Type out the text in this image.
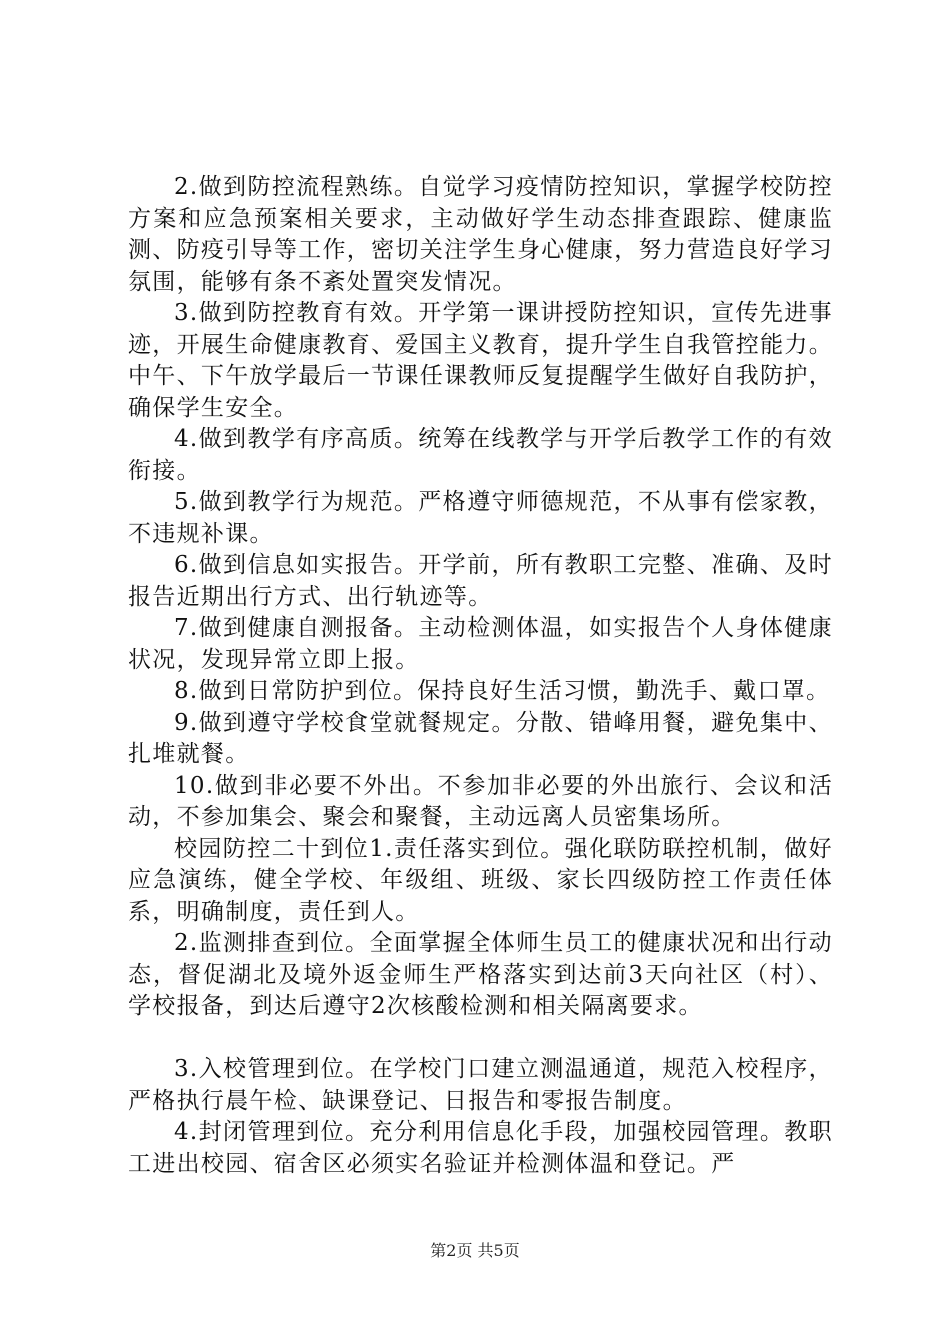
2.做到防控流程熟练。自觉学习疫情防控知识，掌握学校防控方案和应急预案相关要求，主动做好学生动态排查跟踪、健康监测、防疫引导等工作，密切关注学生身心健康，努力营造良好学习氛围，能够有条不紊处置突发情况。

3.做到防控教育有效。开学第一课讲授防控知识，宣传先进事迹，开展生命健康教育、爱国主义教育，提升学生自我管控能力。中午、下午放学最后一节课任课教师反复提醒学生做好自我防护，确保学生安全。

4.做到教学有序高质。统筹在线教学与开学后教学工作的有效衔接。

5.做到教学行为规范。严格遵守师德规范，不从事有偿家教，不违规补课。

6.做到信息如实报告。开学前，所有教职工完整、准确、及时报告近期出行方式、出行轨迹等。

7.做到健康自测报备。主动检测体温，如实报告个人身体健康状况，发现异常立即上报。

8.做到日常防护到位。保持良好生活习惯，勤洗手、戴口罩。

9.做到遵守学校食堂就餐规定。分散、错峰用餐，避免集中、扎堆就餐。

10.做到非必要不外出。不参加非必要的外出旅行、会议和活动，不参加集会、聚会和聚餐，主动远离人员密集场所。

校园防控二十到位1.责任落实到位。强化联防联控机制，做好应急演练，健全学校、年级组、班级、家长四级防控工作责任体系，明确制度，责任到人。

2.监测排查到位。全面掌握全体师生员工的健康状况和出行动态，督促湖北及境外返金师生严格落实到达前3天向社区（村）、学校报备，到达后遵守2次核酸检测和相关隔离要求。

3.入校管理到位。在学校门口建立测温通道，规范入校程序，严格执行晨午检、缺课登记、日报告和零报告制度。

4.封闭管理到位。充分利用信息化手段，加强校园管理。教职工进出校园、宿舍区必须实名验证并检测体温和登记。严

第2页 共5页
